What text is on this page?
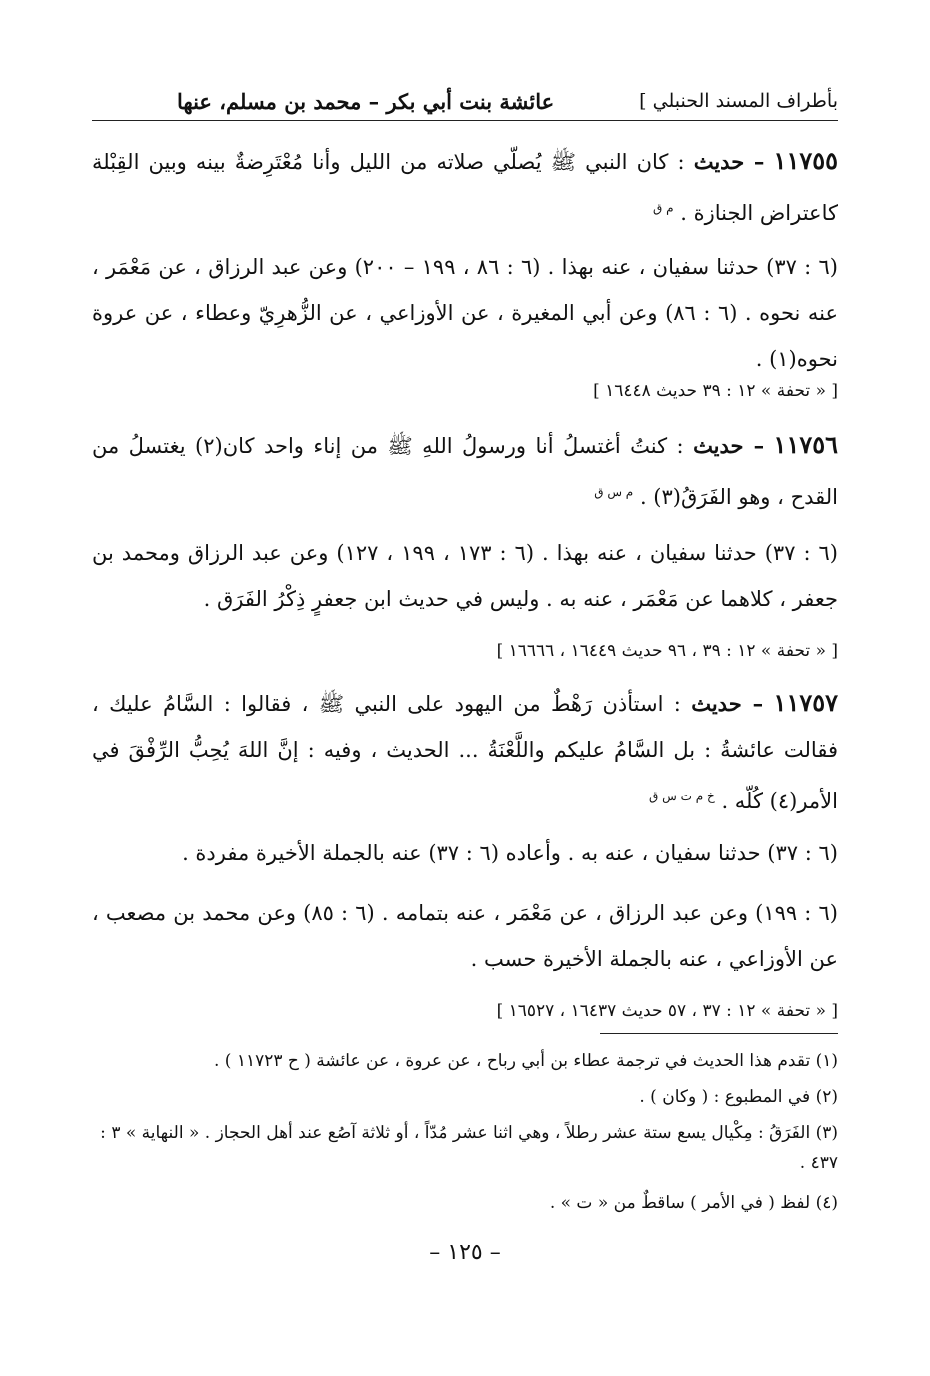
بأطراف المسند الحنبلي ]
عائشة بنت أبي بكر – محمد بن مسلم، عنها
١١٧٥٥ – حديث : كان النبي ﷺ يُصلّي صلاته من الليل وأنا مُعْتَرِضةٌ بينه وبين القِبْلة كاعتراض الجنازة . $^{م ق}$
(٦ : ٣٧) حدثنا سفيان ، عنه بهذا . (٦ : ٨٦ ، ١٩٩ – ٢٠٠) وعن عبد الرزاق ، عن مَعْمَر ، عنه نحوه . (٦ : ٨٦) وعن أبي المغيرة ، عن الأوزاعي ، عن الزُّهرِيّ وعطاء ، عن عروة نحوه(١) .
[ « تحفة » ١٢ : ٣٩ حديث ١٦٤٤٨ ]
١١٧٥٦ – حديث : كنتُ أغتسلُ أنا ورسولُ اللهِ ﷺ من إناء واحد كان(٢) يغتسلُ من القدح ، وهو الفَرَقُ(٣) . $^{م س ق}$
(٦ : ٣٧) حدثنا سفيان ، عنه بهذا . (٦ : ١٧٣ ، ١٩٩ ، ١٢٧) وعن عبد الرزاق ومحمد بن جعفر ، كلاهما عن مَعْمَر ، عنه به . وليس في حديث ابن جعفرٍ ذِكْرُ الفَرَق .
[ « تحفة » ١٢ : ٣٩ ، ٩٦ حديث ١٦٤٤٩ ، ١٦٦٦٦ ]
١١٧٥٧ – حديث : استأذن رَهْطٌ من اليهود على النبي ﷺ ، فقالوا : السَّامُ عليك ، فقالت عائشةُ : بل السَّامُ عليكم واللَّعْنَةُ ... الحديث ، وفيه : إنَّ اللهَ يُحِبُّ الرِّفْقَ في الأمر(٤) كُلّه . $^{خ م ت س ق}$
(٦ : ٣٧) حدثنا سفيان ، عنه به . وأعاده (٦ : ٣٧) عنه بالجملة الأخيرة مفردة .
(٦ : ١٩٩) وعن عبد الرزاق ، عن مَعْمَر ، عنه بتمامه . (٦ : ٨٥) وعن محمد بن مصعب ، عن الأوزاعي ، عنه بالجملة الأخيرة حسب .
[ « تحفة » ١٢ : ٣٧ ، ٥٧ حديث ١٦٤٣٧ ، ١٦٥٢٧ ]
(١) تقدم هذا الحديث في ترجمة عطاء بن أبي رباح ، عن عروة ، عن عائشة ( ح ١١٧٢٣ ) .
(٢) في المطبوع : ( وكان ) .
(٣) الفَرَقُ : مِكْيال يسع ستة عشر رطلاً ، وهي اثنا عشر مُدّاً ، أو ثلاثة آصُع عند أهل الحجاز . « النهاية » ٣ : ٤٣٧ .
(٤) لفظ ( في الأمر ) ساقطٌ من « ت » .
– ١٢٥ –
